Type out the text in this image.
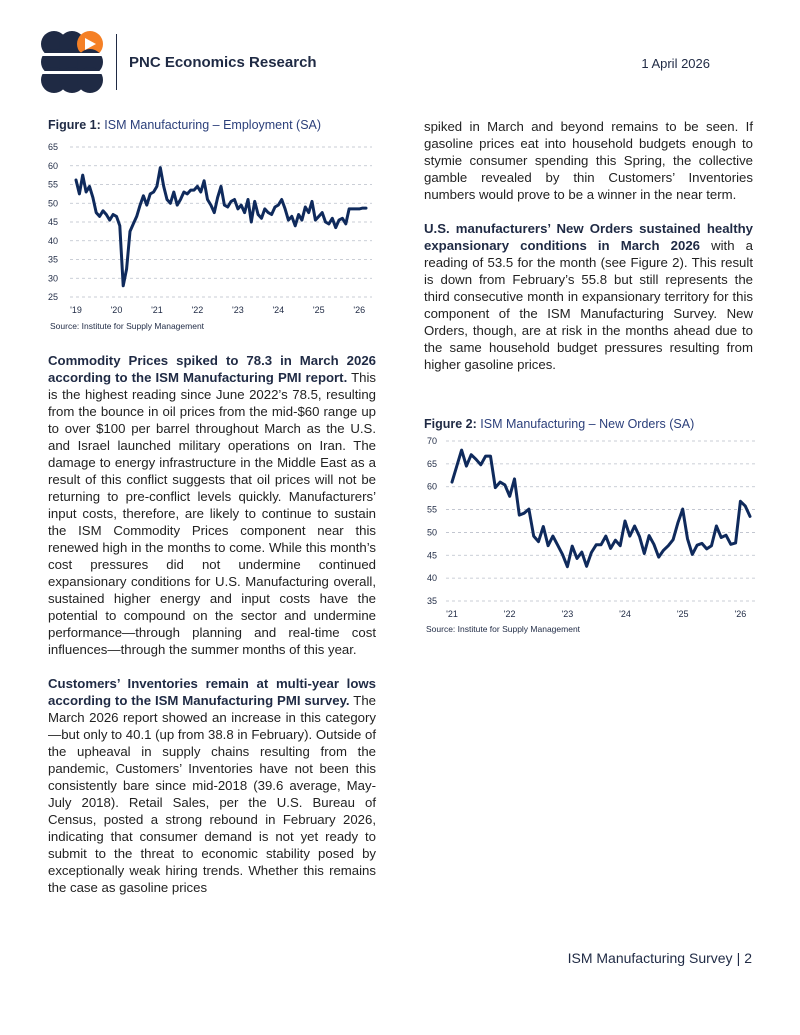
PNC Economics Research	1 April 2026
Figure 1: ISM Manufacturing – Employment (SA)
65
60
55
50
45
40
35
30
25
'19	'20	'21	'22	'23	'24	'25	'26
Source: Institute for Supply Management

Commodity Prices spiked to 78.3 in March 2026 according to the ISM Manufacturing PMI report. This is the highest reading since June 2022’s 78.5, resulting from the bounce in oil prices from the mid-$60 range up to over $100 per barrel throughout March as the U.S. and Israel launched military operations on Iran. The damage to energy infrastructure in the Middle East as a result of this conflict suggests that oil prices will not be returning to pre-conflict levels quickly. Manufacturers’ input costs, therefore, are likely to continue to sustain the ISM Commodity Prices component near this renewed high in the months to come. While this month’s cost pressures did not undermine continued expansionary conditions for U.S. Manufacturing overall, sustained higher energy and input costs have the potential to compound on the sector and undermine performance—through planning and real-time cost influences—through the summer months of this year.

Customers’ Inventories remain at multi-year lows according to the ISM Manufacturing PMI survey. The March 2026 report showed an increase in this category—but only to 40.1 (up from 38.8 in February). Outside of the upheaval in supply chains resulting from the pandemic, Customers’ Inventories have not been this consistently bare since mid-2018 (39.6 average, May-July 2018). Retail Sales, per the U.S. Bureau of Census, posted a strong rebound in February 2026, indicating that consumer demand is not yet ready to submit to the threat to economic stability posed by exceptionally weak hiring trends. Whether this remains the case as gasoline prices

spiked in March and beyond remains to be seen. If gasoline prices eat into household budgets enough to stymie consumer spending this Spring, the collective gamble revealed by thin Customers’ Inventories numbers would prove to be a winner in the near term.

U.S. manufacturers’ New Orders sustained healthy expansionary conditions in March 2026 with a reading of 53.5 for the month (see Figure 2). This result is down from February’s 55.8 but still represents the third consecutive month in expansionary territory for this component of the ISM Manufacturing Survey. New Orders, though, are at risk in the months ahead due to the same household budget pressures resulting from higher gasoline prices.

Figure 2: ISM Manufacturing – New Orders (SA)
70
65
60
55
50
45
40
35
'21	'22	'23	'24	'25	'26
Source: Institute for Supply Management
ISM Manufacturing Survey | 2
